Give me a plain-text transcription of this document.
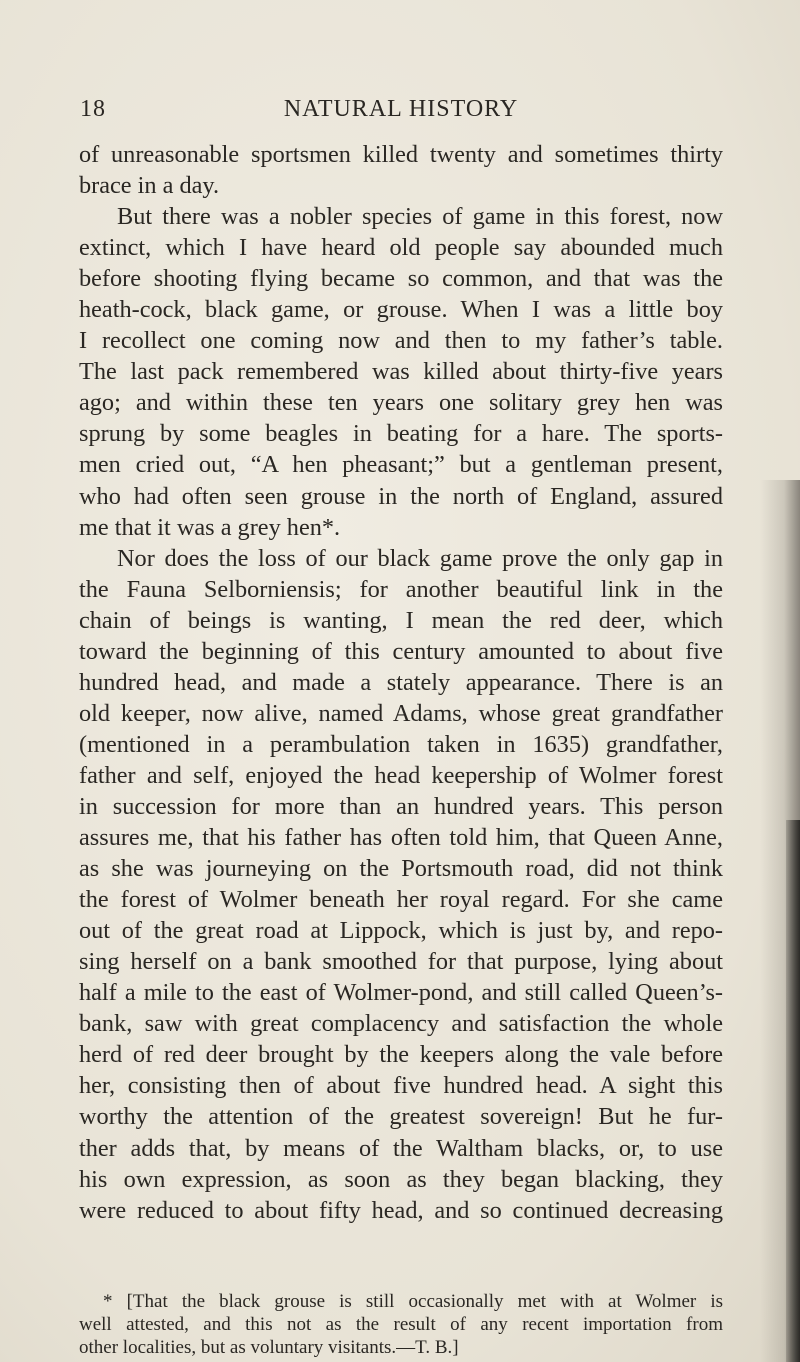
NATURAL HISTORY
18
of unreasonable sportsmen killed twenty and sometimes thirty
brace in a day.
But there was a nobler species of game in this forest, now
extinct, which I have heard old people say abounded much
before shooting flying became so common, and that was the
heath-cock, black game, or grouse. When I was a little boy
I recollect one coming now and then to my father’s table.
The last pack remembered was killed about thirty-five years
ago; and within these ten years one solitary grey hen was
sprung by some beagles in beating for a hare. The sports-
men cried out, “A hen pheasant;” but a gentleman present,
who had often seen grouse in the north of England, assured
me that it was a grey hen*.
Nor does the loss of our black game prove the only gap in
the Fauna Selborniensis; for another beautiful link in the
chain of beings is wanting, I mean the red deer, which
toward the beginning of this century amounted to about five
hundred head, and made a stately appearance. There is an
old keeper, now alive, named Adams, whose great grandfather
(mentioned in a perambulation taken in 1635) grandfather,
father and self, enjoyed the head keepership of Wolmer forest
in succession for more than an hundred years. This person
assures me, that his father has often told him, that Queen Anne,
as she was journeying on the Portsmouth road, did not think
the forest of Wolmer beneath her royal regard. For she came
out of the great road at Lippock, which is just by, and repo-
sing herself on a bank smoothed for that purpose, lying about
half a mile to the east of Wolmer-pond, and still called Queen’s-
bank, saw with great complacency and satisfaction the whole
herd of red deer brought by the keepers along the vale before
her, consisting then of about five hundred head. A sight this
worthy the attention of the greatest sovereign! But he fur-
ther adds that, by means of the Waltham blacks, or, to use
his own expression, as soon as they began blacking, they
were reduced to about fifty head, and so continued decreasing
* [That the black grouse is still occasionally met with at Wolmer is
well attested, and this not as the result of any recent importation from
other localities, but as voluntary visitants.—T. B.]
